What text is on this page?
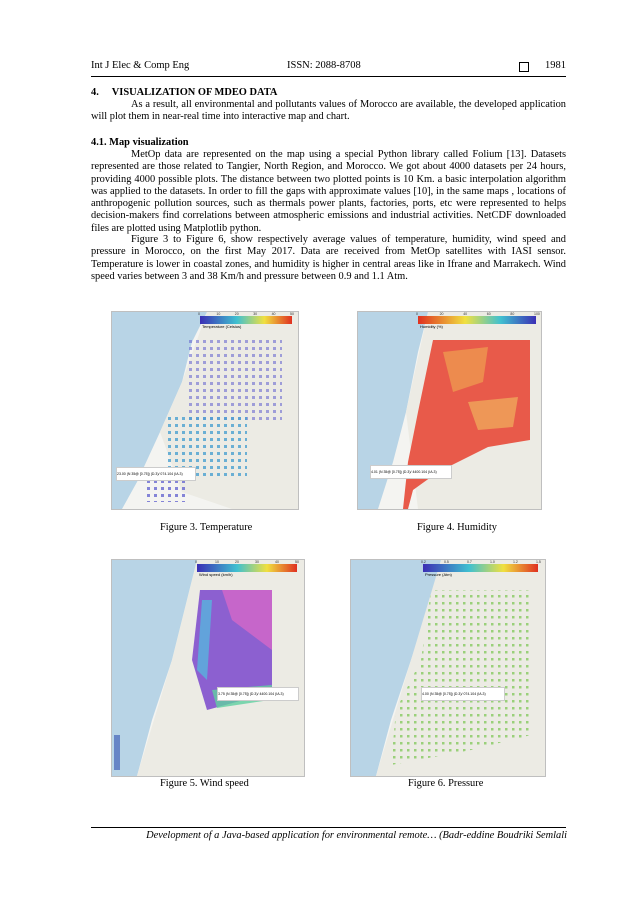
Int J Elec & Comp Eng	ISSN: 2088-8708	1981
4.     VISUALIZATION OF MDEO DATA
As a result, all environmental and pollutants values of Morocco are available, the developed application will plot them in near-real time into interactive map and chart.
4.1. Map visualization
MetOp data are represented on the map using a special Python library called Folium [13]. Datasets represented are those related to Tangier, North Region, and Morocco. We got about 4000 datasets per 24 hours, providing 4000 possible plots. The distance between two plotted points is 10 Km. a basic interpolation algorithm was applied to the datasets. In order to fill the gaps with approximate values [10], in the same maps , locations of anthropogenic pollution sources, such as thermals power plants, factories, ports, etc were represented to helps decision-makers find correlations between atmospheric emissions and industrial activities. NetCDF downloaded files are plotted using Matplotlib python.
Figure 3 to Figure 6, show respectively average values of temperature, humidity, wind speed and pressure in Morocco, on the first May 2017. Data are received from MetOp satellites with IASI sensor. Temperature is lower in coastal zones, and humidity is higher in central areas like in Ifrane and Marrakech. Wind speed varies between 3 and 38 Km/h and pressure between 0.9 and 1.1 Atm.
Temperature (Celsius)
23.00 (N 35@ [0.75]) (D.3)/ 074.104 (IA.3)
0	10	20	30	40	50
Figure 3. Temperature
Humidity (%)
4.01 (N 35@ [0.75]) (D.3)/ 4400.104 (IA.3)
0	20	40	60	80	100
Figure 4. Humidity
Wind speed (km/h)
3.75 (N 35@ [0.75]) (D.3)/ 4400.104 (IA.3)
0	10	20	30	40	50
Figure 5. Wind speed
Pressure (Atm)
4.00 (N 35@ [0.75]) (D.3)/ 074.104 (IA.3)
0.2	0.5	0.7	1.0	1.2	1.5
Figure 6. Pressure
Development of a Java-based application for environmental remote… (Badr-eddine Boudriki Semlali
